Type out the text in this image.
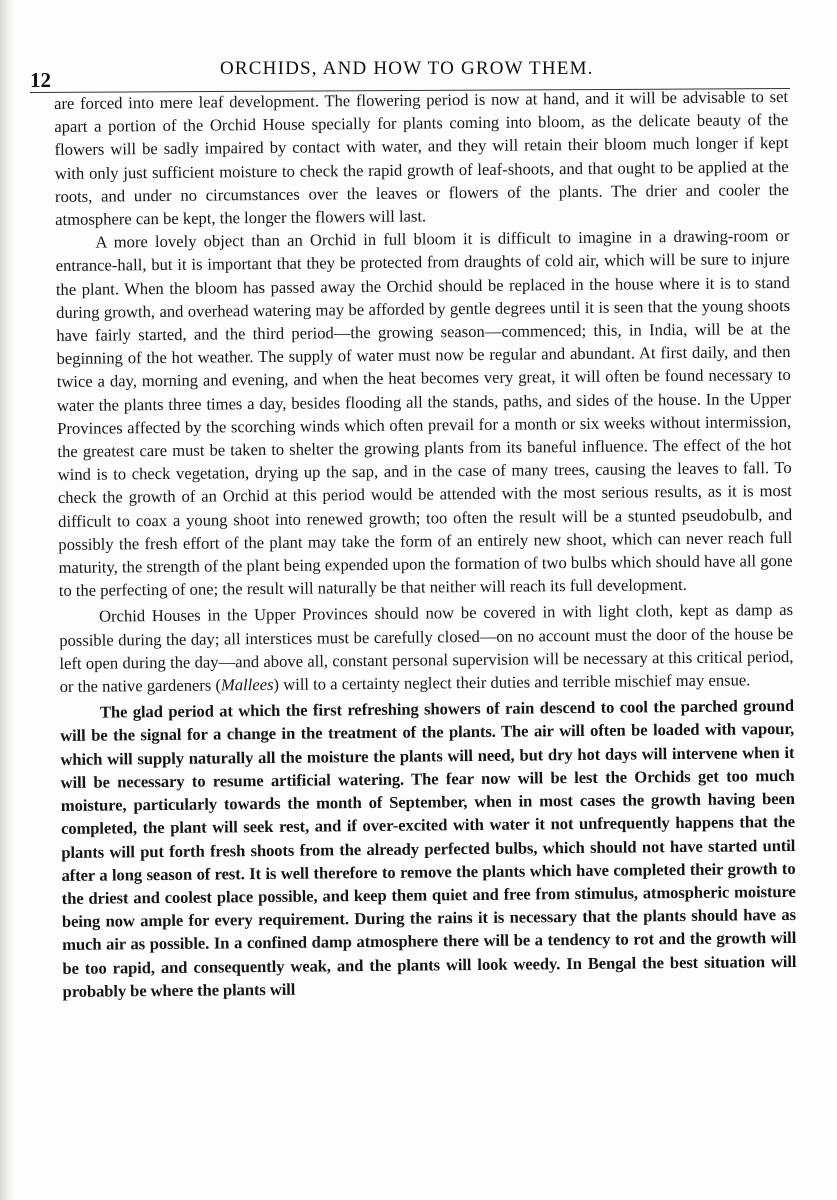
12	ORCHIDS, AND HOW TO GROW THEM.

are forced into mere leaf development. The flowering period is now at hand, and it will be advisable to set apart a portion of the Orchid House specially for plants coming into bloom, as the delicate beauty of the flowers will be sadly impaired by contact with water, and they will retain their bloom much longer if kept with only just sufficient moisture to check the rapid growth of leaf-shoots, and that ought to be applied at the roots, and under no circumstances over the leaves or flowers of the plants. The drier and cooler the atmosphere can be kept, the longer the flowers will last.

A more lovely object than an Orchid in full bloom it is difficult to imagine in a drawing-room or entrance-hall, but it is important that they be protected from draughts of cold air, which will be sure to injure the plant. When the bloom has passed away the Orchid should be replaced in the house where it is to stand during growth, and overhead watering may be afforded by gentle degrees until it is seen that the young shoots have fairly started, and the third period—the growing season—commenced; this, in India, will be at the beginning of the hot weather. The supply of water must now be regular and abundant. At first daily, and then twice a day, morning and evening, and when the heat becomes very great, it will often be found necessary to water the plants three times a day, besides flooding all the stands, paths, and sides of the house. In the Upper Provinces affected by the scorching winds which often prevail for a month or six weeks without intermission, the greatest care must be taken to shelter the growing plants from its baneful influence. The effect of the hot wind is to check vegetation, drying up the sap, and in the case of many trees, causing the leaves to fall. To check the growth of an Orchid at this period would be attended with the most serious results, as it is most difficult to coax a young shoot into renewed growth; too often the result will be a stunted pseudobulb, and possibly the fresh effort of the plant may take the form of an entirely new shoot, which can never reach full maturity, the strength of the plant being expended upon the formation of two bulbs which should have all gone to the perfecting of one; the result will naturally be that neither will reach its full development.

Orchid Houses in the Upper Provinces should now be covered in with light cloth, kept as damp as possible during the day; all interstices must be carefully closed—on no account must the door of the house be left open during the day—and above all, constant personal supervision will be necessary at this critical period, or the native gardeners (Mallees) will to a certainty neglect their duties and terrible mischief may ensue.

The glad period at which the first refreshing showers of rain descend to cool the parched ground will be the signal for a change in the treatment of the plants. The air will often be loaded with vapour, which will supply naturally all the moisture the plants will need, but dry hot days will intervene when it will be necessary to resume artificial watering. The fear now will be lest the Orchids get too much moisture, particularly towards the month of September, when in most cases the growth having been completed, the plant will seek rest, and if over-excited with water it not unfrequently happens that the plants will put forth fresh shoots from the already perfected bulbs, which should not have started until after a long season of rest. It is well therefore to remove the plants which have completed their growth to the driest and coolest place possible, and keep them quiet and free from stimulus, atmospheric moisture being now ample for every requirement. During the rains it is necessary that the plants should have as much air as possible. In a confined damp atmosphere there will be a tendency to rot and the growth will be too rapid, and consequently weak, and the plants will look weedy. In Bengal the best situation will probably be where the plants will
